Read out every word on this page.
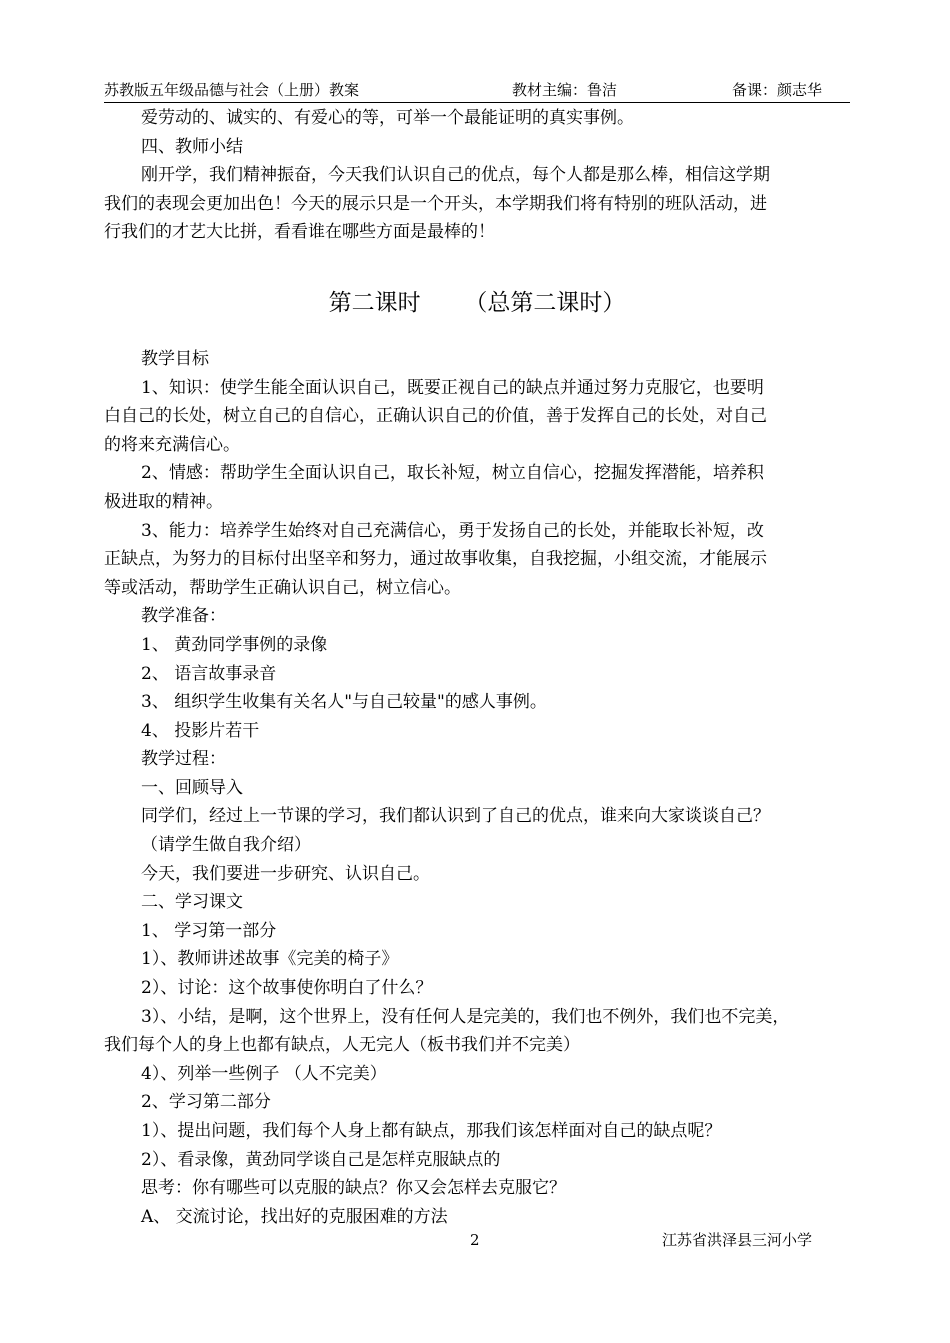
苏教版五年级品德与社会（上册）教案	教材主编：鲁洁	备课：颜志华

爱劳动的、诚实的、有爱心的等，可举一个最能证明的真实事例。

四、教师小结

刚开学，我们精神振奋，今天我们认识自己的优点，每个人都是那么棒，相信这学期

我们的表现会更加出色！今天的展示只是一个开头，本学期我们将有特别的班队活动，进

行我们的才艺大比拼，看看谁在哪些方面是最棒的！

第二课时      （总第二课时）

教学目标

1、知识：使学生能全面认识自己，既要正视自己的缺点并通过努力克服它，也要明

白自己的长处，树立自己的自信心，正确认识自己的价值，善于发挥自己的长处，对自己

的将来充满信心。

2、情感：帮助学生全面认识自己，取长补短，树立自信心，挖掘发挥潜能，培养积

极进取的精神。

3、能力：培养学生始终对自己充满信心，勇于发扬自己的长处，并能取长补短，改

正缺点，为努力的目标付出坚辛和努力，通过故事收集，自我挖掘，小组交流，才能展示

等或活动，帮助学生正确认识自己，树立信心。

教学准备：

1、 黄劲同学事例的录像

2、 语言故事录音

3、 组织学生收集有关名人"与自己较量"的感人事例。

4、 投影片若干

教学过程：

一、回顾导入

同学们，经过上一节课的学习，我们都认识到了自己的优点，谁来向大家谈谈自己？

（请学生做自我介绍）

今天，我们要进一步研究、认识自己。

二、学习课文

1、 学习第一部分

1）、教师讲述故事《完美的椅子》

2）、讨论：这个故事使你明白了什么？

3）、小结，是啊，这个世界上，没有任何人是完美的，我们也不例外，我们也不完美，

我们每个人的身上也都有缺点，人无完人（板书我们并不完美）

4）、列举一些例子 （人不完美）

2、学习第二部分

1）、提出问题，我们每个人身上都有缺点，那我们该怎样面对自己的缺点呢？

2）、看录像，黄劲同学谈自己是怎样克服缺点的

思考：你有哪些可以克服的缺点？你又会怎样去克服它？

A、 交流讨论，找出好的克服困难的方法

2	江苏省洪泽县三河小学
